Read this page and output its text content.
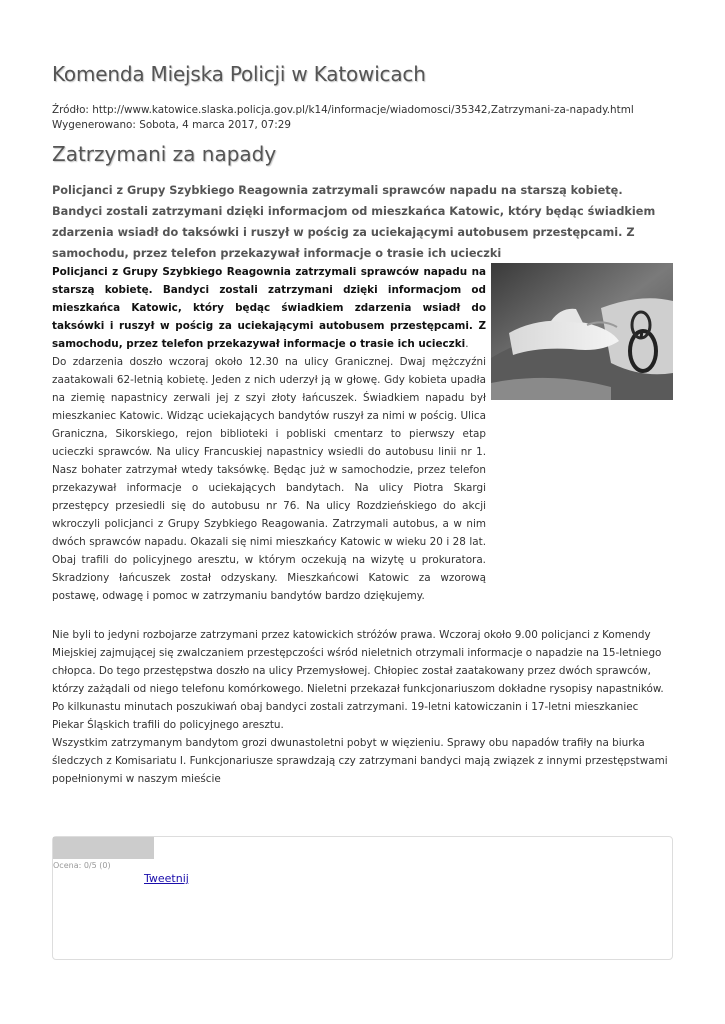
Komenda Miejska Policji w Katowicach
Źródło: http://www.katowice.slaska.policja.gov.pl/k14/informacje/wiadomosci/35342,Zatrzymani-za-napady.html
Wygenerowano: Sobota, 4 marca 2017, 07:29
Zatrzymani za napady

Policjanci z Grupy Szybkiego Reagownia zatrzymali sprawców napadu na starszą kobietę. Bandyci zostali zatrzymani dzięki informacjom od mieszkańca Katowic, który będąc świadkiem zdarzenia wsiadł do taksówki i ruszył w pościg za uciekającymi autobusem przestępcami. Z samochodu, przez telefon przekazywał informacje o trasie ich ucieczki

Policjanci z Grupy Szybkiego Reagownia zatrzymali sprawców napadu na starszą kobietę. Bandyci zostali zatrzymani dzięki informacjom od mieszkańca Katowic, który będąc świadkiem zdarzenia wsiadł do taksówki i ruszył w pościg za uciekającymi autobusem przestępcami. Z samochodu, przez telefon przekazywał informacje o trasie ich ucieczki.

Do zdarzenia doszło wczoraj około 12.30 na ulicy Granicznej. Dwaj mężczyźni zaatakowali 62-letnią kobietę. Jeden z nich uderzył ją w głowę. Gdy kobieta upadła na ziemię napastnicy zerwali jej z szyi złoty łańcuszek. Świadkiem napadu był mieszkaniec Katowic. Widząc uciekających bandytów ruszył za nimi w pościg. Ulica Graniczna, Sikorskiego, rejon biblioteki i pobliski cmentarz to pierwszy etap ucieczki sprawców. Na ulicy Francuskiej napastnicy wsiedli do autobusu linii nr 1. Nasz bohater zatrzymał wtedy taksówkę. Będąc już w samochodzie, przez telefon przekazywał informacje o uciekających bandytach. Na ulicy Piotra Skargi przestępcy przesiedli się do autobusu nr 76. Na ulicy Rozdzieńskiego do akcji wkroczyli policjanci z Grupy Szybkiego Reagowania. Zatrzymali autobus, a w nim dwóch sprawców napadu. Okazali się nimi mieszkańcy Katowic w wieku 20 i 28 lat. Obaj trafili do policyjnego aresztu, w którym oczekują na wizytę u prokuratora. Skradziony łańcuszek został odzyskany. Mieszkańcowi Katowic za wzorową postawę, odwagę i pomoc w zatrzymaniu bandytów bardzo dziękujemy.

Nie byli to jedyni rozbojarze zatrzymani przez katowickich stróżów prawa. Wczoraj około 9.00 policjanci z Komendy Miejskiej zajmującej się zwalczaniem przestępczości wśród nieletnich otrzymali informacje o napadzie na 15-letniego chłopca. Do tego przestępstwa doszło na ulicy Przemysłowej. Chłopiec został zaatakowany przez dwóch sprawców, którzy zażądali od niego telefonu komórkowego. Nieletni przekazał funkcjonariuszom dokładne rysopisy napastników. Po kilkunastu minutach poszukiwań obaj bandyci zostali zatrzymani. 19-letni katowiczanin i 17-letni mieszkaniec Piekar Śląskich trafili do policyjnego aresztu.

Wszystkim zatrzymanym bandytom grozi dwunastoletni pobyt w więzieniu. Sprawy obu napadów trafiły na biurka śledczych z Komisariatu I. Funkcjonariusze sprawdzają czy zatrzymani bandyci mają związek z innymi przestępstwami popełnionymi w naszym mieście

Ocena: 0/5 (0)
Tweetnij
